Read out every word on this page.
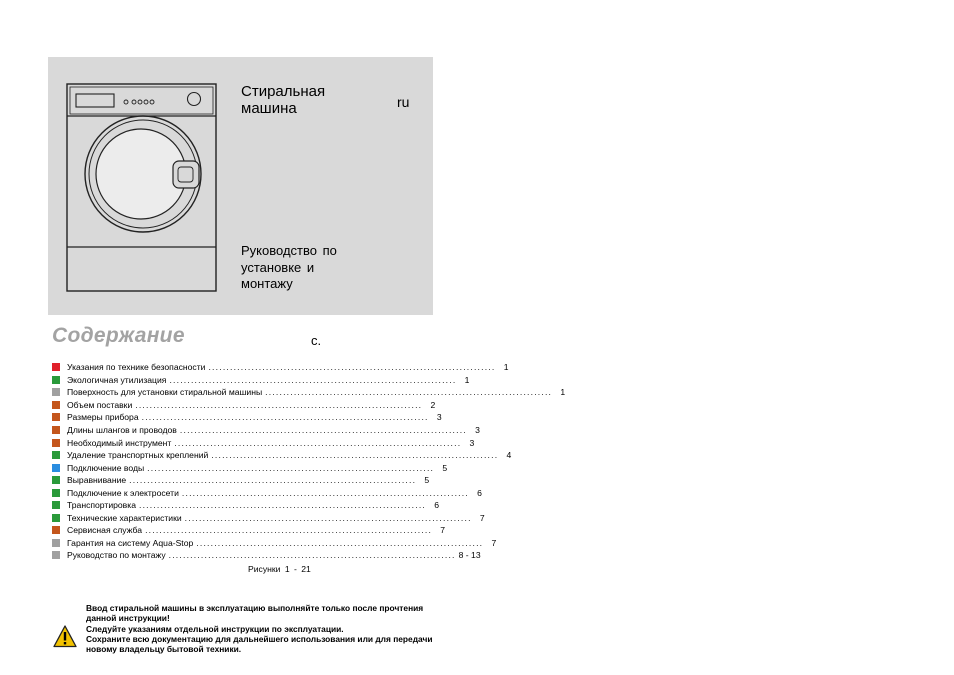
Стиральная
машина	ru
Руководство по
установке и
монтажу
Содержание	с.
Указания по технике безопасности ................................................................................ 1
Экологичная утилизация ................................................................................ 1
Поверхность для установки стиральной машины ................................................................................ 1
Объем поставки ................................................................................ 2
Размеры прибора ................................................................................ 3
Длины шлангов и проводов ................................................................................ 3
Необходимый инструмент ................................................................................ 3
Удаление транспортных креплений ................................................................................ 4
Подключение воды ................................................................................ 5
Выравнивание ................................................................................ 5
Подключение к электросети ................................................................................ 6
Транспортировка ................................................................................ 6
Технические характеристики ................................................................................ 7
Сервисная служба ................................................................................ 7
Гарантия на систему Aqua-Stop ................................................................................ 7
Руководство по монтажу ................................................................................ 8 - 13
Рисунки 1 - 21

Ввод стиральной машины в эксплуатацию выполняйте только после прочтения данной инструкции!

Следуйте указаниям отдельной инструкции по эксплуатации.

Сохраните всю документацию для дальнейшего использования или для передачи новому владельцу бытовой техники.
